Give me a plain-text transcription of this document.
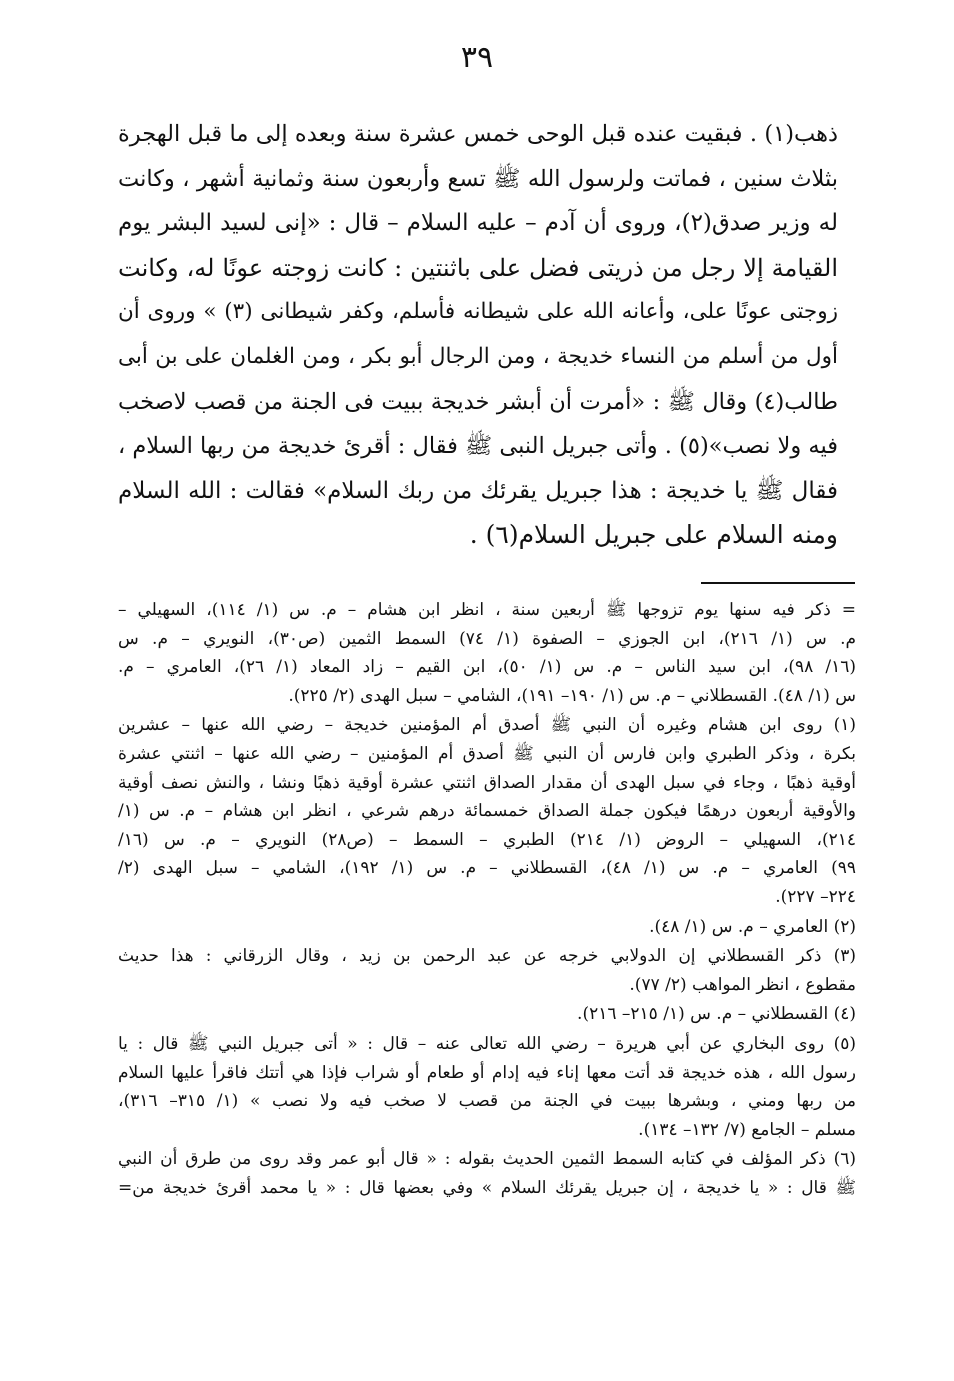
٣٩
ذهب(١) . فبقيت عنده قبل الوحى خمس عشرة سنة وبعده إلى ما قبل الهجرة
بثلاث سنين ، فماتت ولرسول الله ﷺ تسع وأربعون سنة وثمانية أشهر ، وكانت
له وزير صدق(٢)، وروى أن آدم – عليه السلام – قال : «إنى لسيد البشر يوم
القيامة إلا رجل من ذريتى فضل على باثنتين : كانت زوجته عونًا له، وكانت
زوجتى عونًا على، وأعانه الله على شيطانه فأسلم، وكفر شيطانى (٣) » وروى أن
أول من أسلم من النساء خديجة ، ومن الرجال أبو بكر ، ومن الغلمان على بن أبى
طالب(٤) وقال ﷺ : «أمرت أن أبشر خديجة ببيت فى الجنة من قصب لاصخب
فيه ولا نصب»(٥) . وأتى جبريل النبى ﷺ فقال : أقرئ خديجة من ربها السلام ،
فقال ﷺ يا خديجة : هذا جبريل يقرئك من ربك السلام» فقالت : الله السلام
ومنه السلام على جبريل السلام(٦) .
= ذكر فيه سنها يوم تزوجها ﷺ أربعين سنة ، انظر ابن هشام – م. س (١/ ١١٤)، السهيلي –
م. س (١/ ٢١٦)، ابن الجوزي – الصفوة (١/ ٧٤) السمط الثمين (ص٣٠)، النويري – م. س
(١٦/ ٩٨)، ابن سيد الناس – م. س (١/ ٥٠)، ابن القيم – زاد المعاد (١/ ٢٦)، العامري – م.
س (١/ ٤٨). القسطلاني – م. س (١/ ١٩٠– ١٩١)، الشامي – سبل الهدى (٢/ ٢٢٥).
(١) روى ابن هشام وغيره أن النبي ﷺ أصدق أم المؤمنين خديجة – رضي الله عنها – عشرين
بكرة ، وذكر الطبري وابن فارس أن النبي ﷺ أصدق أم المؤمنين – رضي الله عنها – اثنتي عشرة
أوقية ذهبًا ، وجاء في سبل الهدى أن مقدار الصداق اثنتي عشرة أوقية ذهبًا ونشا ، والنش نصف أوقية
والأوقية أربعون درهمًا فيكون جملة الصداق خمسمائة درهم شرعي ، انظر ابن هشام – م. س (١/
٢١٤)، السهيلي – الروض (١/ ٢١٤) الطبري – السمط – (ص٢٨) النويري – م. س (١٦/
٩٩) العامري – م. س (١/ ٤٨)، القسطلاني – م. س (١/ ١٩٢)، الشامي – سبل الهدى (٢/
٢٢٤– ٢٢٧).
(٢) العامري – م. س (١/ ٤٨).
(٣) ذكر القسطلاني إن الدولابي خرجه عن عبد الرحمن بن زيد ، وقال الزرقاني : هذا حديث
مقطوع ، انظر المواهب (٢/ ٧٧).
(٤) القسطلاني – م. س (١/ ٢١٥– ٢١٦).
(٥) روى البخاري عن أبي هريرة – رضي الله تعالى عنه – قال : « أتى جبريل النبي ﷺ قال : يا
رسول الله ، هذه خديجة قد أتت معها إناء فيه إدام أو طعام أو شراب فإذا هي أتتك فاقرأ عليها السلام
من ربها ومني ، وبشرها ببيت في الجنة من قصب لا صخب فيه ولا نصب » (١/ ٣١٥– ٣١٦)،
مسلم – الجامع (٧/ ١٣٢– ١٣٤).
(٦) ذكر المؤلف في كتابه السمط الثمين الحديث بقوله : « قال أبو عمر وقد روى من طرق أن النبي
ﷺ قال : « يا خديجة ، إن جبريل يقرئك السلام » وفي بعضها قال : « يا محمد أقرئ خديجة من=
